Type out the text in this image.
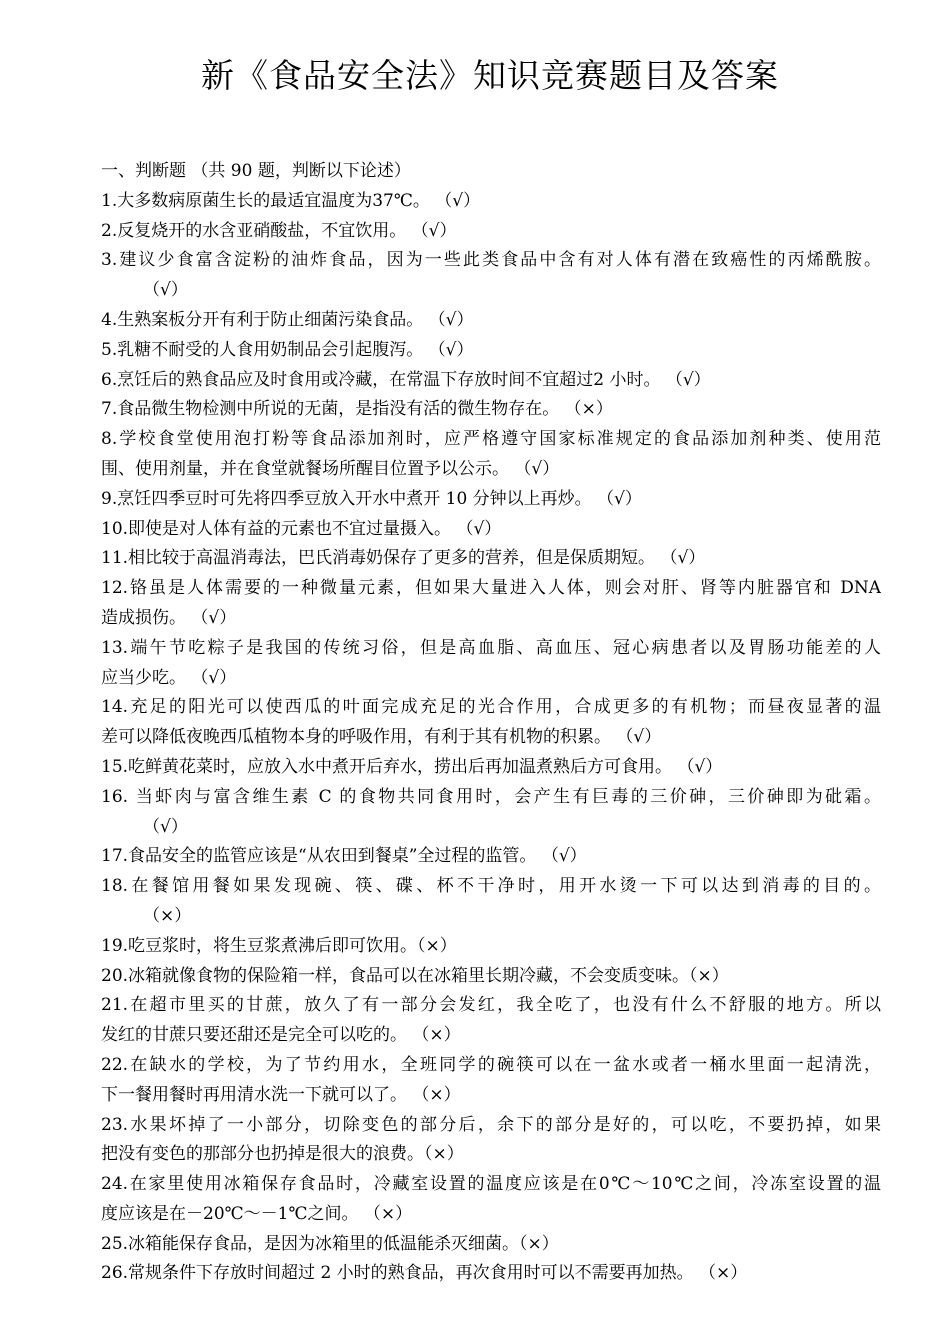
新《食品安全法》知识竞赛题目及答案
一、判断题 （共 90 题，判断以下论述）
1.大多数病原菌生长的最适宜温度为37℃。 （√）
2.反复烧开的水含亚硝酸盐，不宜饮用。 （√）
3.建议少食富含淀粉的油炸食品，因为一些此类食品中含有对人体有潜在致癌性的丙烯酰胺。
（√）
4.生熟案板分开有利于防止细菌污染食品。 （√）
5.乳糖不耐受的人食用奶制品会引起腹泻。 （√）
6.烹饪后的熟食品应及时食用或冷藏，在常温下存放时间不宜超过2 小时。 （√）
7.食品微生物检测中所说的无菌，是指没有活的微生物存在。 （×）
8.学校食堂使用泡打粉等食品添加剂时，应严格遵守国家标准规定的食品添加剂种类、使用范
围、使用剂量，并在食堂就餐场所醒目位置予以公示。 （√）
9.烹饪四季豆时可先将四季豆放入开水中煮开 10 分钟以上再炒。 （√）
10.即使是对人体有益的元素也不宜过量摄入。 （√）
11.相比较于高温消毒法，巴氏消毒奶保存了更多的营养，但是保质期短。 （√）
12.铬虽是人体需要的一种微量元素，但如果大量进入人体，则会对肝、肾等内脏器官和 DNA
造成损伤。 （√）
13.端午节吃粽子是我国的传统习俗，但是高血脂、高血压、冠心病患者以及胃肠功能差的人
应当少吃。 （√）
14.充足的阳光可以使西瓜的叶面完成充足的光合作用，合成更多的有机物；而昼夜显著的温
差可以降低夜晚西瓜植物本身的呼吸作用，有利于其有机物的积累。 （√）
15.吃鲜黄花菜时，应放入水中煮开后弃水，捞出后再加温煮熟后方可食用。 （√）
16. 当虾肉与富含维生素 C 的食物共同食用时，会产生有巨毒的三价砷，三价砷即为砒霜。
（√）
17.食品安全的监管应该是“从农田到餐桌”全过程的监管。 （√）
18.在餐馆用餐如果发现碗、筷、碟、杯不干净时，用开水烫一下可以达到消毒的目的。
（×）
19.吃豆浆时，将生豆浆煮沸后即可饮用。（×）
20.冰箱就像食物的保险箱一样，食品可以在冰箱里长期冷藏，不会变质变味。（×）
21.在超市里买的甘蔗，放久了有一部分会发红，我全吃了，也没有什么不舒服的地方。所以
发红的甘蔗只要还甜还是完全可以吃的。 （×）
22.在缺水的学校，为了节约用水，全班同学的碗筷可以在一盆水或者一桶水里面一起清洗，
下一餐用餐时再用清水洗一下就可以了。 （×）
23.水果坏掉了一小部分，切除变色的部分后，余下的部分是好的，可以吃，不要扔掉，如果
把没有变色的那部分也扔掉是很大的浪费。（×）
24.在家里使用冰箱保存食品时，冷藏室设置的温度应该是在0℃～10℃之间，冷冻室设置的温
度应该是在－20℃～－1℃之间。 （×）
25.冰箱能保存食品，是因为冰箱里的低温能杀灭细菌。（×）
26.常规条件下存放时间超过 2 小时的熟食品，再次食用时可以不需要再加热。 （×）
